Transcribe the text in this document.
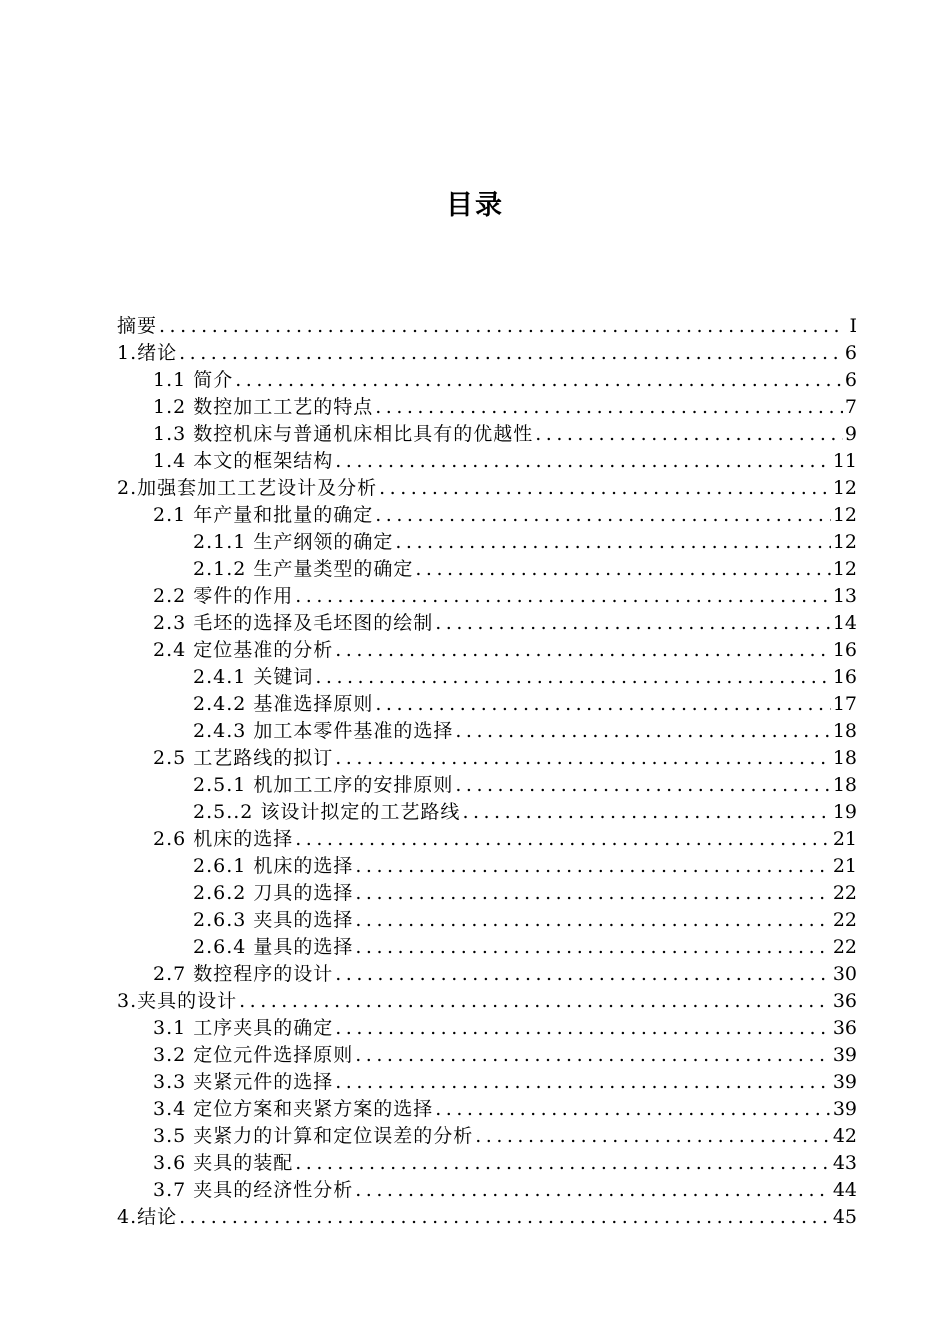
目录
摘要 .....	I
1.绪论 .....	6
1.1 简介 .....	6
1.2 数控加工工艺的特点 .....	7
1.3 数控机床与普通机床相比具有的优越性 .....	9
1.4 本文的框架结构 .....	11
2.加强套加工工艺设计及分析 .....	12
2.1 年产量和批量的确定 .....	12
2.1.1 生产纲领的确定 .....	12
2.1.2 生产量类型的确定 .....	12
2.2 零件的作用 .....	13
2.3 毛坯的选择及毛坯图的绘制 .....	14
2.4 定位基准的分析 .....	16
2.4.1 关键词 .....	16
2.4.2 基准选择原则 .....	17
2.4.3 加工本零件基准的选择 .....	18
2.5 工艺路线的拟订 .....	18
2.5.1 机加工工序的安排原则 .....	18
2.5..2 该设计拟定的工艺路线 .....	19
2.6 机床的选择 .....	21
2.6.1 机床的选择 .....	21
2.6.2 刀具的选择 .....	22
2.6.3 夹具的选择 .....	22
2.6.4 量具的选择 .....	22
2.7 数控程序的设计 .....	30
3.夹具的设计 .....	36
3.1 工序夹具的确定 .....	36
3.2 定位元件选择原则 .....	39
3.3 夹紧元件的选择 .....	39
3.4 定位方案和夹紧方案的选择 .....	39
3.5 夹紧力的计算和定位误差的分析 .....	42
3.6 夹具的装配 .....	43
3.7 夹具的经济性分析 .....	44
4.结论 .....	45
